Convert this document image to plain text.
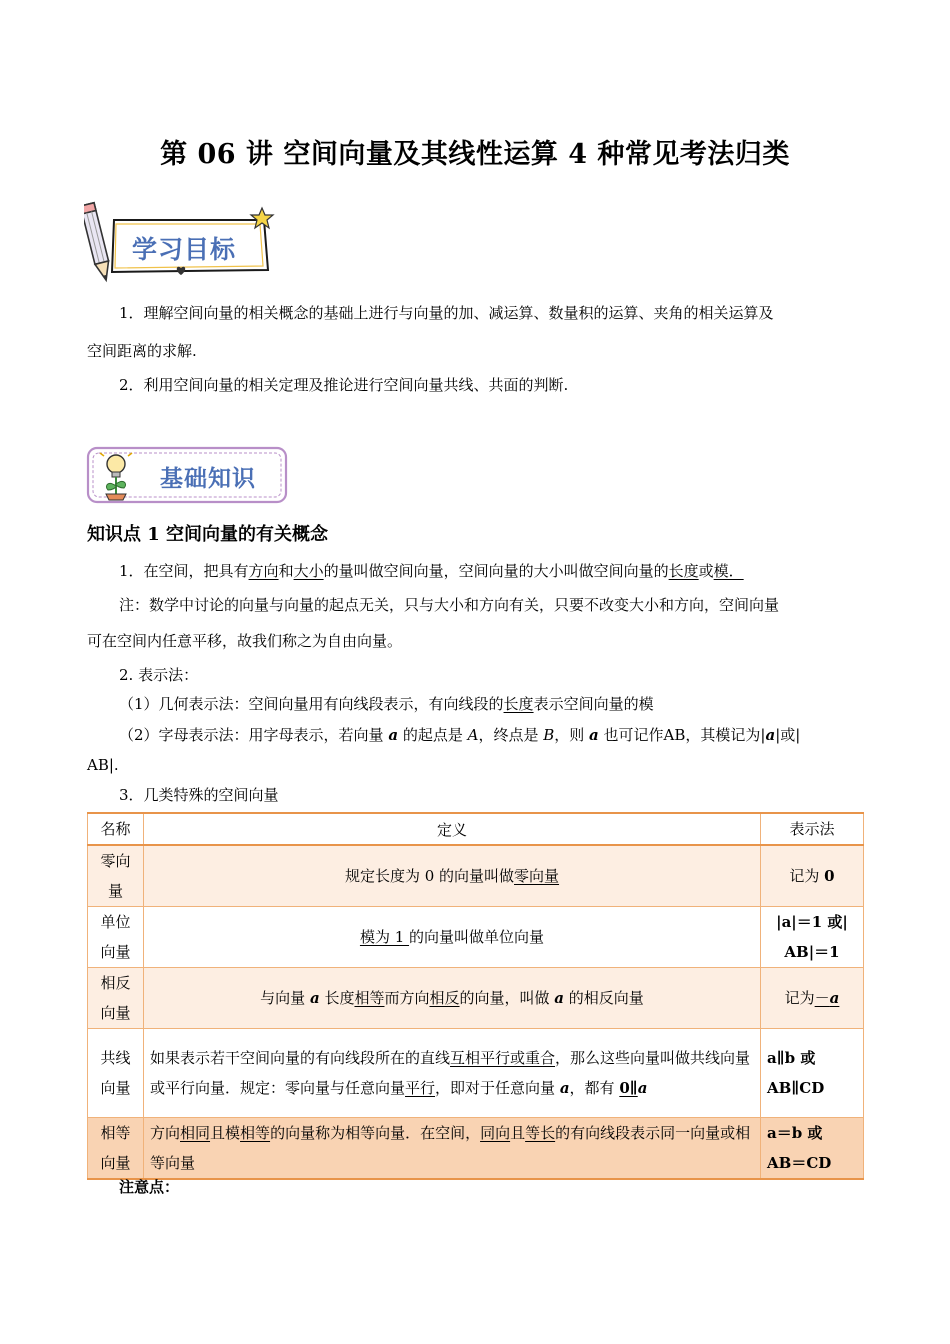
第 06 讲 空间向量及其线性运算 4 种常见考法归类
学习目标
1．理解空间向量的相关概念的基础上进行与向量的加、减运算、数量积的运算、夹角的相关运算及
空间距离的求解.
2．利用空间向量的相关定理及推论进行空间向量共线、共面的判断.
基础知识
知识点 1 空间向量的有关概念
1．在空间，把具有方向和大小的量叫做空间向量，空间向量的大小叫做空间向量的长度或模．
注：数学中讨论的向量与向量的起点无关，只与大小和方向有关，只要不改变大小和方向，空间向量
可在空间内任意平移，故我们称之为自由向量。
2. 表示法：
（1）几何表示法：空间向量用有向线段表示，有向线段的长度表示空间向量的模
（2）字母表示法：用字母表示，若向量 a 的起点是 A，终点是 B，则 a 也可记作AB，其模记为|a|或|
AB|.
3．几类特殊的空间向量
名称	定义	表示法
零向量	规定长度为 0 的向量叫做零向量	记为 0
单位向量	模为 1 的向量叫做单位向量	|a|＝1 或|
AB|＝1
相反向量	与向量 a 长度相等而方向相反的向量，叫做 a 的相反向量	记为－a
共线向量	如果表示若干空间向量的有向线段所在的直线互相平行或重合，那么这些向量叫做共线向量或平行向量．规定：零向量与任意向量平行，即对于任意向量 a，都有 0∥a	a∥b 或
AB∥CD
相等向量	方向相同且模相等的向量称为相等向量．在空间，同向且等长的有向线段表示同一向量或相等向量	a＝b 或
AB＝CD
注意点：
